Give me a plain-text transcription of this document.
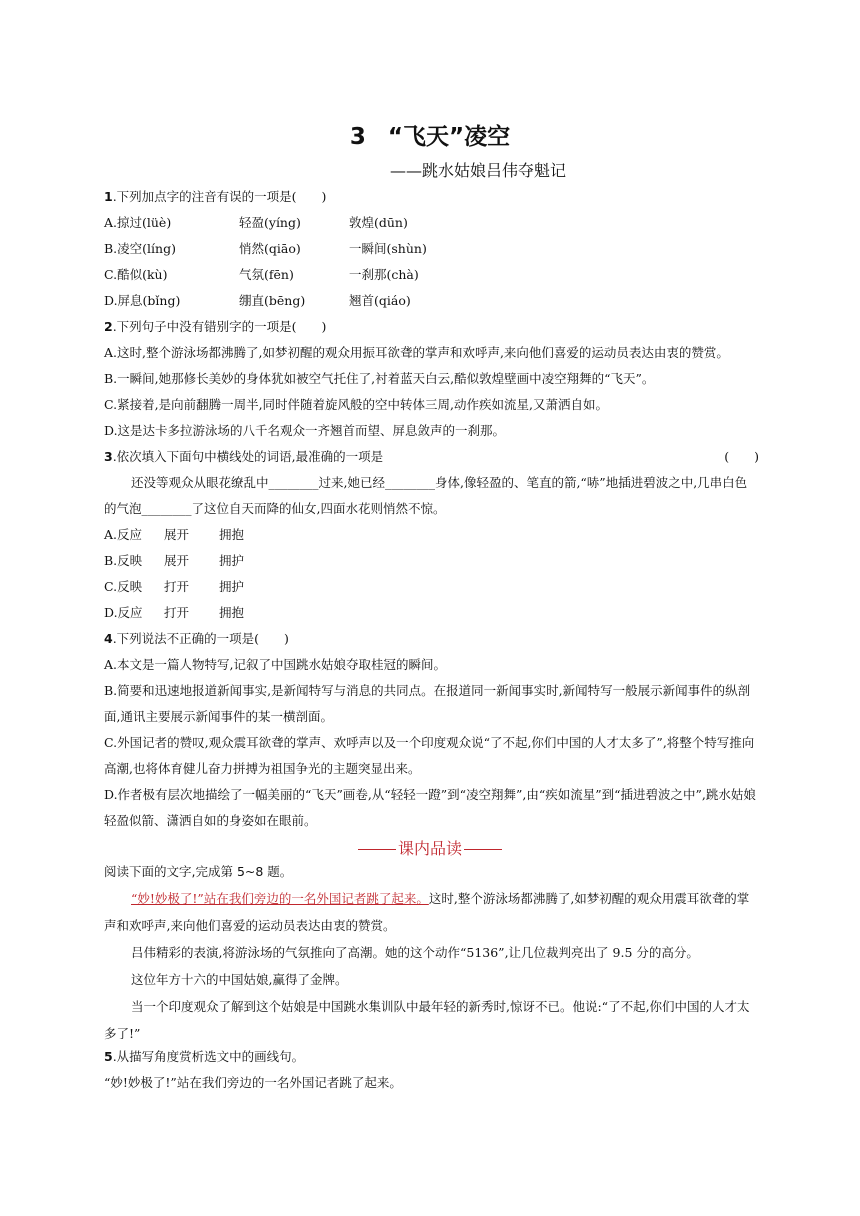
3 “飞天”凌空
——跳水姑娘吕伟夺魁记
1.下列加点字的注音有误的一项是(　　)
A.掠过(lüè)	轻盈(yíng)	敦煌(dūn)
B.凌空(líng)	悄然(qiāo)	一瞬间(shùn)
C.酷似(kù)	气氛(fēn)	一刹那(chà)
D.屏息(bǐng)	绷直(bēng)	翘首(qiáo)
2.下列句子中没有错别字的一项是(　　)
A.这时,整个游泳场都沸腾了,如梦初醒的观众用振耳欲聋的掌声和欢呼声,来向他们喜爱的运动员表达由衷的赞赏。
B.一瞬间,她那修长美妙的身体犹如被空气托住了,衬着蓝天白云,酷似敦煌壁画中凌空翔舞的“飞天”。
C.紧接着,是向前翻腾一周半,同时伴随着旋风般的空中转体三周,动作疾如流星,又萧洒自如。
D.这是达卡多拉游泳场的八千名观众一齐翘首而望、屏息敛声的一刹那。
3.依次填入下面句中横线处的词语,最准确的一项是	(　　)
还没等观众从眼花缭乱中________过来,她已经________身体,像轻盈的、笔直的箭,“哧”地插进碧波之中,几串白色的气泡________了这位自天而降的仙女,四面水花则悄然不惊。
A.反应	展开	拥抱
B.反映	展开	拥护
C.反映	打开	拥护
D.反应	打开	拥抱
4.下列说法不正确的一项是(　　)
A.本文是一篇人物特写,记叙了中国跳水姑娘夺取桂冠的瞬间。
B.简要和迅速地报道新闻事实,是新闻特写与消息的共同点。在报道同一新闻事实时,新闻特写一般展示新闻事件的纵剖面,通讯主要展示新闻事件的某一横剖面。
C.外国记者的赞叹,观众震耳欲聋的掌声、欢呼声以及一个印度观众说“了不起,你们中国的人才太多了”,将整个特写推向高潮,也将体育健儿奋力拼搏为祖国争光的主题突显出来。
D.作者极有层次地描绘了一幅美丽的“飞天”画卷,从“轻轻一蹬”到“凌空翔舞”,由“疾如流星”到“插进碧波之中”,跳水姑娘轻盈似箭、潇洒自如的身姿如在眼前。
课内品读
阅读下面的文字,完成第 5~8 题。
“妙!妙极了!”站在我们旁边的一名外国记者跳了起来。这时,整个游泳场都沸腾了,如梦初醒的观众用震耳欲聋的掌声和欢呼声,来向他们喜爱的运动员表达由衷的赞赏。
吕伟精彩的表演,将游泳场的气氛推向了高潮。她的这个动作“5136”,让几位裁判亮出了 9.5 分的高分。
这位年方十六的中国姑娘,赢得了金牌。
当一个印度观众了解到这个姑娘是中国跳水集训队中最年轻的新秀时,惊讶不已。他说:“了不起,你们中国的人才太多了!”
5.从描写角度赏析选文中的画线句。
“妙!妙极了!”站在我们旁边的一名外国记者跳了起来。
